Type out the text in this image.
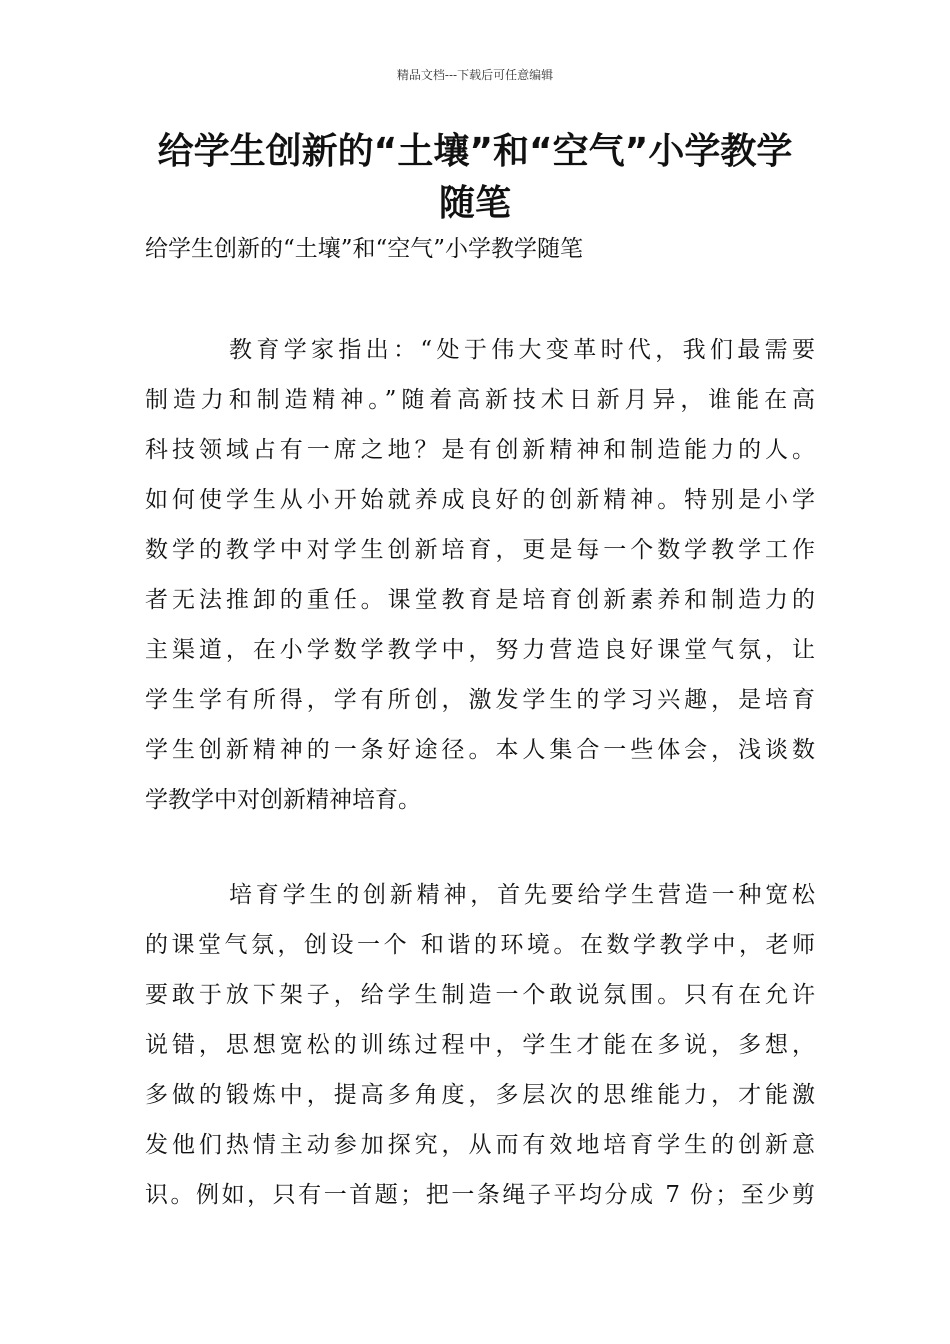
精品文档---下载后可任意编辑
给学生创新的“土壤”和“空气”小学教学随笔
给学生创新的“土壤”和“空气”小学教学随笔
教育学家指出：“处于伟大变革时代，我们最需要
制造力和制造精神。”随着高新技术日新月异，谁能在高
科技领域占有一席之地？是有创新精神和制造能力的人。
如何使学生从小开始就养成良好的创新精神。特别是小学
数学的教学中对学生创新培育，更是每一个数学教学工作
者无法推卸的重任。课堂教育是培育创新素养和制造力的
主渠道，在小学数学教学中，努力营造良好课堂气氛，让
学生学有所得，学有所创，激发学生的学习兴趣，是培育
学生创新精神的一条好途径。本人集合一些体会，浅谈数
学教学中对创新精神培育。
培育学生的创新精神，首先要给学生营造一种宽松
的课堂气氛，创设一个 和谐的环境。在数学教学中，老师
要敢于放下架子，给学生制造一个敢说氛围。只有在允许
说错，思想宽松的训练过程中，学生才能在多说，多想，
多做的锻炼中，提高多角度，多层次的思维能力，才能激
发他们热情主动参加探究，从而有效地培育学生的创新意
识。例如，只有一首题；把一条绳子平均分成 7 份；至少剪
